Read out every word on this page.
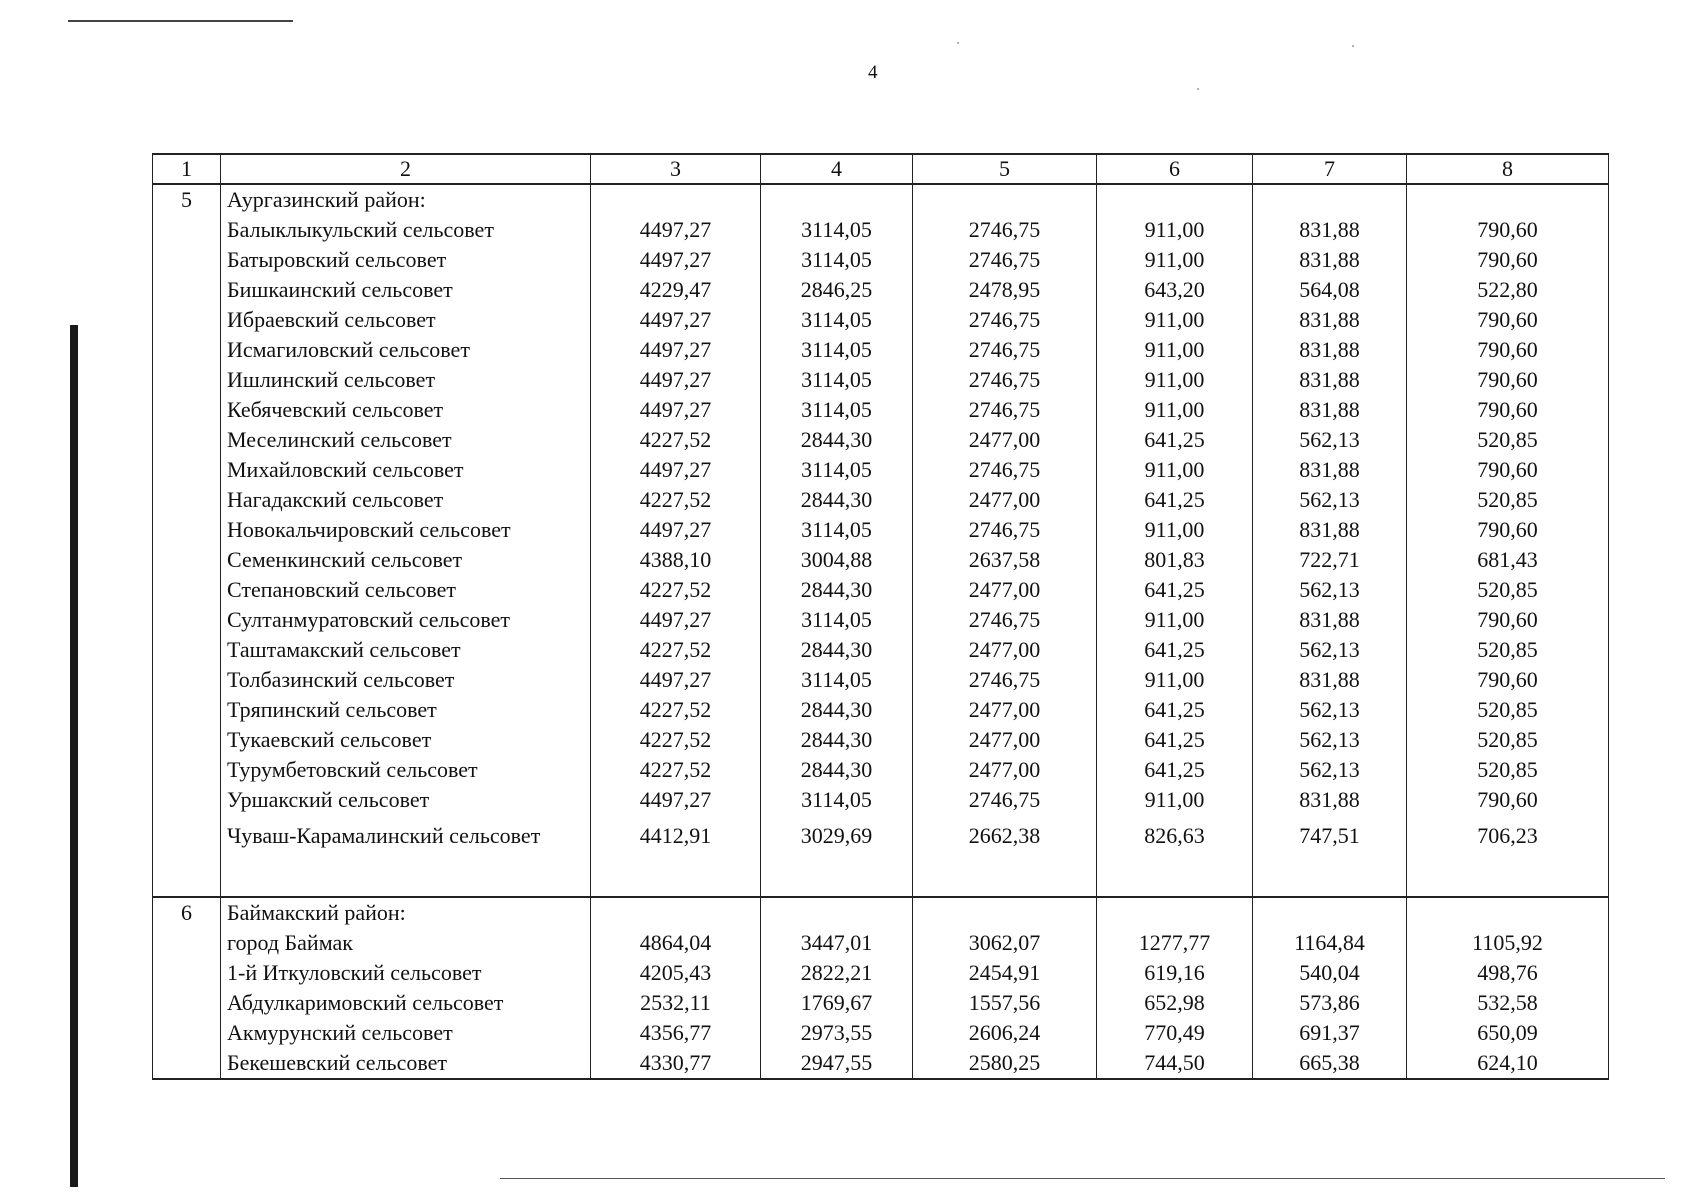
4
1	2	3	4	5	6	7	8
5	Аургазинский район:						
	Балыклыкульский сельсовет	4497,27	3114,05	2746,75	911,00	831,88	790,60
	Батыровский сельсовет	4497,27	3114,05	2746,75	911,00	831,88	790,60
	Бишкаинский сельсовет	4229,47	2846,25	2478,95	643,20	564,08	522,80
	Ибраевский сельсовет	4497,27	3114,05	2746,75	911,00	831,88	790,60
	Исмагиловский сельсовет	4497,27	3114,05	2746,75	911,00	831,88	790,60
	Ишлинский сельсовет	4497,27	3114,05	2746,75	911,00	831,88	790,60
	Кебячевский сельсовет	4497,27	3114,05	2746,75	911,00	831,88	790,60
	Меселинский сельсовет	4227,52	2844,30	2477,00	641,25	562,13	520,85
	Михайловский сельсовет	4497,27	3114,05	2746,75	911,00	831,88	790,60
	Нагадакский сельсовет	4227,52	2844,30	2477,00	641,25	562,13	520,85
	Новокальчировский сельсовет	4497,27	3114,05	2746,75	911,00	831,88	790,60
	Семенкинский сельсовет	4388,10	3004,88	2637,58	801,83	722,71	681,43
	Степановский сельсовет	4227,52	2844,30	2477,00	641,25	562,13	520,85
	Султанмуратовский сельсовет	4497,27	3114,05	2746,75	911,00	831,88	790,60
	Таштамакский сельсовет	4227,52	2844,30	2477,00	641,25	562,13	520,85
	Толбазинский сельсовет	4497,27	3114,05	2746,75	911,00	831,88	790,60
	Тряпинский сельсовет	4227,52	2844,30	2477,00	641,25	562,13	520,85
	Тукаевский сельсовет	4227,52	2844,30	2477,00	641,25	562,13	520,85
	Турумбетовский сельсовет	4227,52	2844,30	2477,00	641,25	562,13	520,85
	Уршакский сельсовет	4497,27	3114,05	2746,75	911,00	831,88	790,60
	Чуваш-Карамалинский сельсовет	4412,91	3029,69	2662,38	826,63	747,51	706,23

6	Баймакский район:						
	город Баймак	4864,04	3447,01	3062,07	1277,77	1164,84	1105,92
	1-й Иткуловский сельсовет	4205,43	2822,21	2454,91	619,16	540,04	498,76
	Абдулкаримовский сельсовет	2532,11	1769,67	1557,56	652,98	573,86	532,58
	Акмурунский сельсовет	4356,77	2973,55	2606,24	770,49	691,37	650,09
	Бекешевский сельсовет	4330,77	2947,55	2580,25	744,50	665,38	624,10
